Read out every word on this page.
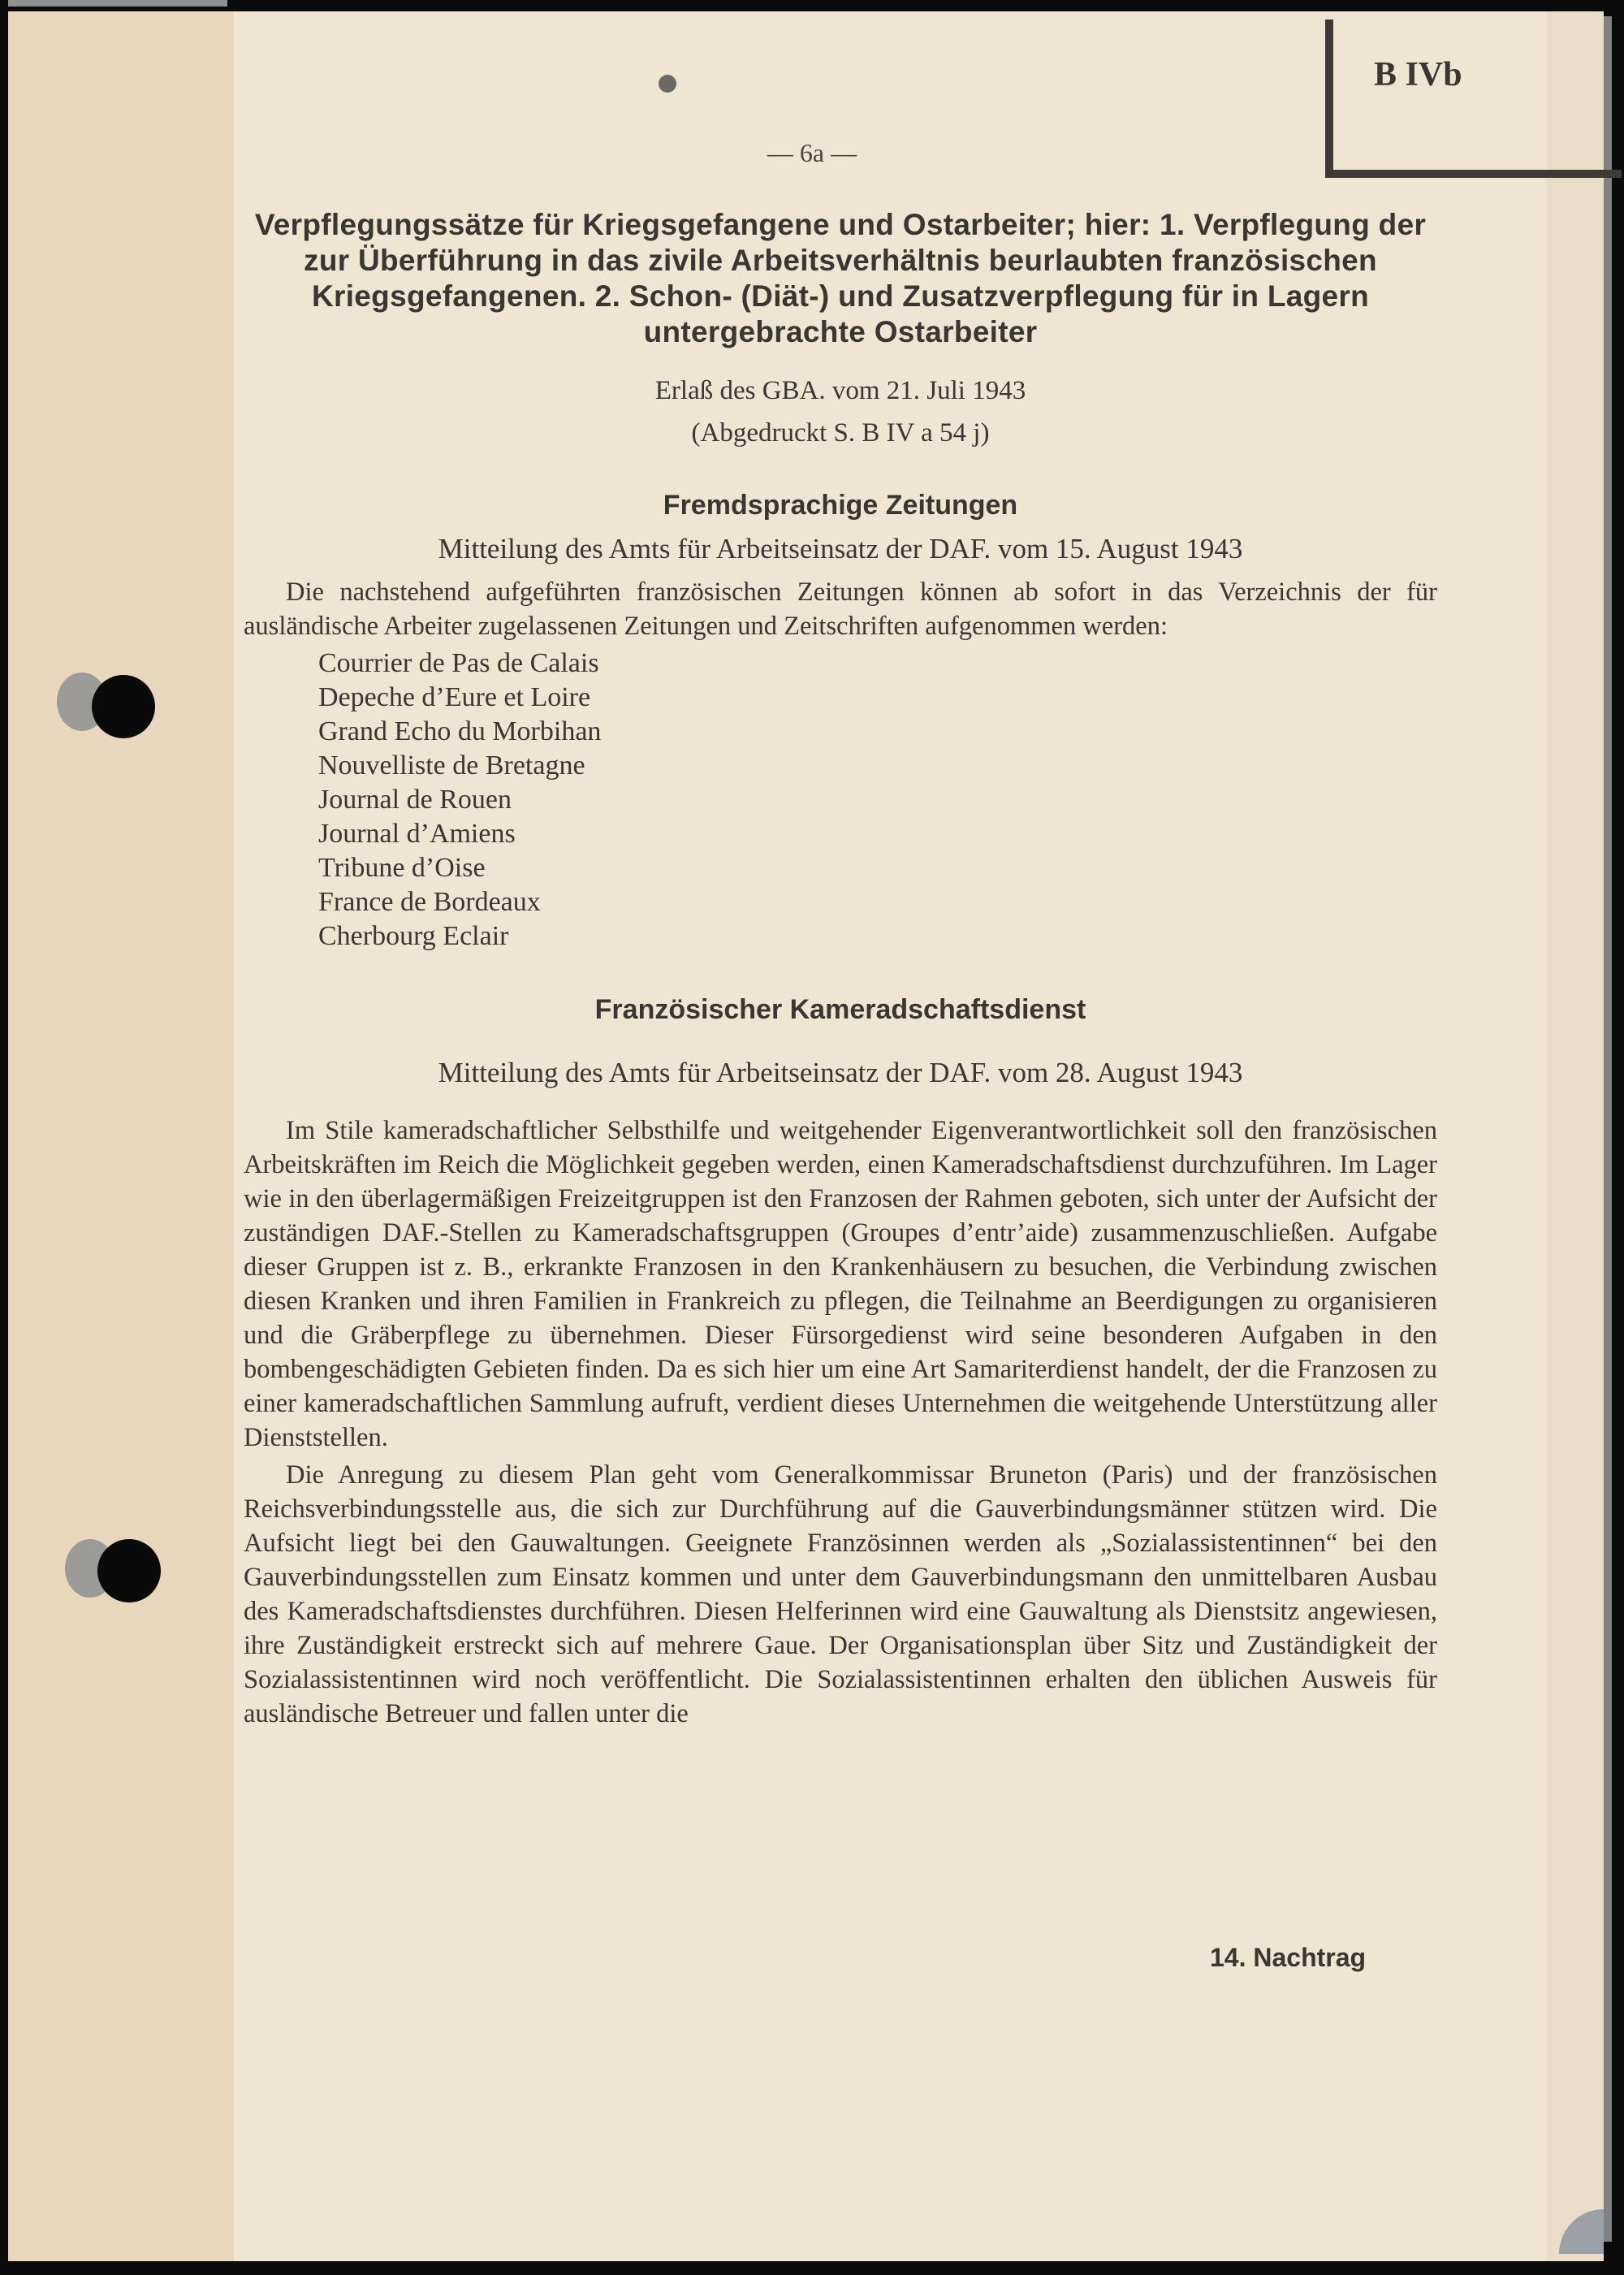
B IVb
— 6a —

Verpflegungssätze für Kriegsgefangene und Ostarbeiter; hier: 1. Verpflegung der zur Überführung in das zivile Arbeitsverhältnis beurlaubten französischen Kriegsgefangenen. 2. Schon- (Diät-) und Zusatzverpflegung für in Lagern untergebrachte Ostarbeiter

Erlaß des GBA. vom 21. Juli 1943

(Abgedruckt S. B IV a 54 j)

Fremdsprachige Zeitungen

Mitteilung des Amts für Arbeitseinsatz der DAF. vom 15. August 1943

Die nachstehend aufgeführten französischen Zeitungen können ab sofort in das Verzeichnis der für ausländische Arbeiter zugelassenen Zeitungen und Zeitschriften aufgenommen werden:

Courrier de Pas de Calais
Depeche d’Eure et Loire
Grand Echo du Morbihan
Nouvelliste de Bretagne
Journal de Rouen
Journal d’Amiens
Tribune d’Oise
France de Bordeaux
Cherbourg Eclair

Französischer Kameradschaftsdienst

Mitteilung des Amts für Arbeitseinsatz der DAF. vom 28. August 1943

Im Stile kameradschaftlicher Selbsthilfe und weitgehender Eigenverantwortlichkeit soll den französischen Arbeitskräften im Reich die Möglichkeit gegeben werden, einen Kameradschaftsdienst durchzuführen. Im Lager wie in den überlagermäßigen Freizeitgruppen ist den Franzosen der Rahmen geboten, sich unter der Aufsicht der zuständigen DAF.-Stellen zu Kameradschaftsgruppen (Groupes d’entr’aide) zusammenzuschließen. Aufgabe dieser Gruppen ist z. B., erkrankte Franzosen in den Krankenhäusern zu besuchen, die Verbindung zwischen diesen Kranken und ihren Familien in Frankreich zu pflegen, die Teilnahme an Beerdigungen zu organisieren und die Gräberpflege zu übernehmen. Dieser Fürsorgedienst wird seine besonderen Aufgaben in den bombengeschädigten Gebieten finden. Da es sich hier um eine Art Samariterdienst handelt, der die Franzosen zu einer kameradschaftlichen Sammlung aufruft, verdient dieses Unternehmen die weitgehende Unterstützung aller Dienststellen.

Die Anregung zu diesem Plan geht vom Generalkommissar Bruneton (Paris) und der französischen Reichsverbindungsstelle aus, die sich zur Durchführung auf die Gauverbindungsmänner stützen wird. Die Aufsicht liegt bei den Gauwaltungen. Geeignete Französinnen werden als „Sozialassistentinnen“ bei den Gauverbindungsstellen zum Einsatz kommen und unter dem Gauverbindungsmann den unmittelbaren Ausbau des Kameradschaftsdienstes durchführen. Diesen Helferinnen wird eine Gauwaltung als Dienstsitz angewiesen, ihre Zuständigkeit erstreckt sich auf mehrere Gaue. Der Organisationsplan über Sitz und Zuständigkeit der Sozialassistentinnen wird noch veröffentlicht. Die Sozialassistentinnen erhalten den üblichen Ausweis für ausländische Betreuer und fallen unter die

14. Nachtrag
